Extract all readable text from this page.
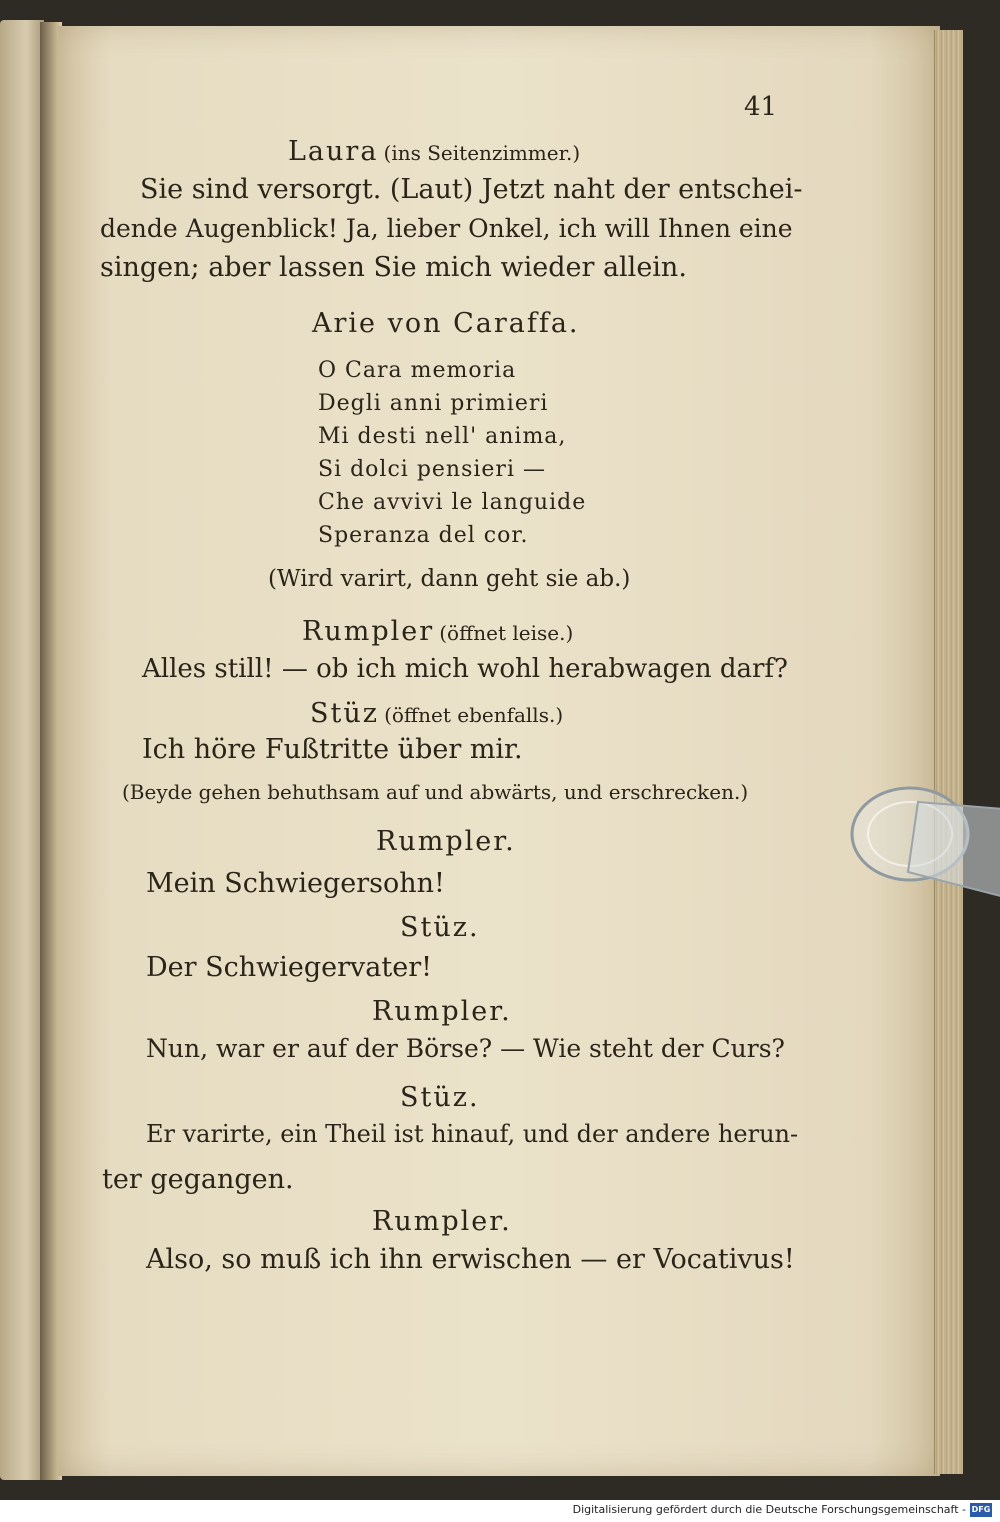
41
Laura (ins Seitenzimmer.)
Sie sind versorgt. (Laut) Jetzt naht der entschei-
dende Augenblick! Ja, lieber Onkel, ich will Ihnen eine
singen; aber lassen Sie mich wieder allein.
Arie von Caraffa.
O Cara memoria
Degli anni primieri
Mi desti nell' anima,
Si dolci pensieri —
Che avvivi le languide
Speranza del cor.
(Wird varirt, dann geht sie ab.)
Rumpler (öffnet leise.)
Alles still! — ob ich mich wohl herabwagen darf?
Stüz (öffnet ebenfalls.)
Ich höre Fußtritte über mir.
(Beyde gehen behuthsam auf und abwärts, und erschrecken.)
Rumpler.
Mein Schwiegersohn!
Stüz.
Der Schwiegervater!
Rumpler.
Nun, war er auf der Börse? — Wie steht der Curs?
Stüz.
Er varirte, ein Theil ist hinauf, und der andere herun-
ter gegangen.
Rumpler.
Also, so muß ich ihn erwischen — er Vocativus!
Digitalisierung gefördert durch die Deutsche Forschungsgemeinschaft - DFG
